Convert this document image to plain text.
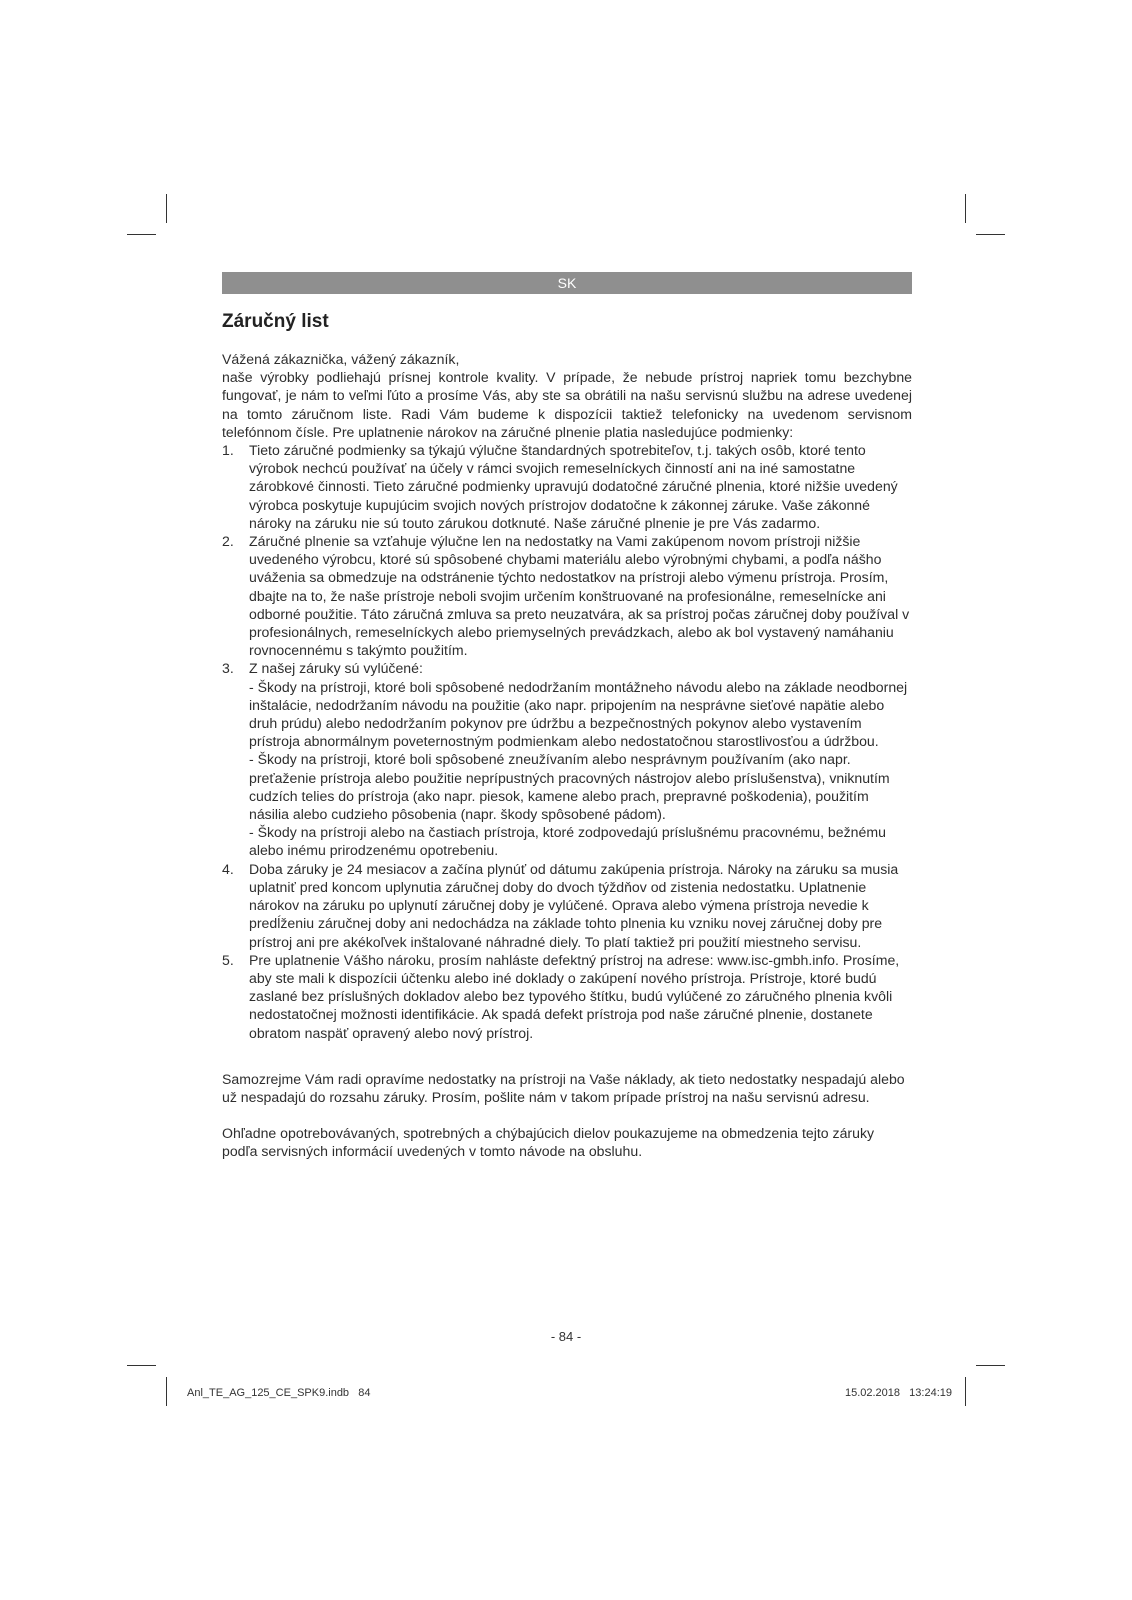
SK
Záručný list

Vážená zákaznička, vážený zákazník,

naše výrobky podliehajú prísnej kontrole kvality. V prípade, že nebude prístroj napriek tomu bezchybne fungovať, je nám to veľmi ľúto a prosíme Vás, aby ste sa obrátili na našu servisnú službu na adrese uvedenej na tomto záručnom liste. Radi Vám budeme k dispozícii taktiež telefonicky na uvedenom servisnom telefónnom čísle. Pre uplatnenie nárokov na záručné plnenie platia nasledujúce podmienky:

1. Tieto záručné podmienky sa týkajú výlučne štandardných spotrebiteľov, t.j. takých osôb, ktoré tento výrobok nechcú používať na účely v rámci svojich remeselníckych činností ani na iné samostatne zárobkové činnosti. Tieto záručné podmienky upravujú dodatočné záručné plnenia, ktoré nižšie uvedený výrobca poskytuje kupujúcim svojich nových prístrojov dodatočne k zákonnej záruke. Vaše zákonné nároky na záruku nie sú touto zárukou dotknuté. Naše záručné plnenie je pre Vás zadarmo.
2. Záručné plnenie sa vzťahuje výlučne len na nedostatky na Vami zakúpenom novom prístroji nižšie uvedeného výrobcu, ktoré sú spôsobené chybami materiálu alebo výrobnými chybami, a podľa nášho uváženia sa obmedzuje na odstránenie týchto nedostatkov na prístroji alebo výmenu prístroja. Prosím, dbajte na to, že naše prístroje neboli svojim určením konštruované na profesionálne, remeselnícke ani odborné použitie. Táto záručná zmluva sa preto neuzatvára, ak sa prístroj počas záručnej doby používal v profesionálnych, remeselníckych alebo priemyselných prevádzkach, alebo ak bol vystavený namáhaniu rovnocennému s takýmto použitím.
3. Z našej záruky sú vylúčené:
- Škody na prístroji, ktoré boli spôsobené nedodržaním montážneho návodu alebo na základe neodbornej inštalácie, nedodržaním návodu na použitie (ako napr. pripojením na nesprávne sieťové napätie alebo druh prúdu) alebo nedodržaním pokynov pre údržbu a bezpečnostných pokynov alebo vystavením prístroja abnormálnym poveternostným podmienkam alebo nedostatočnou starostlivosťou a údržbou.
- Škody na prístroji, ktoré boli spôsobené zneužívaním alebo nesprávnym používaním (ako napr. preťaženie prístroja alebo použitie neprípustných pracovných nástrojov alebo príslušenstva), vniknutím cudzích telies do prístroja (ako napr. piesok, kamene alebo prach, prepravné poškodenia), použitím násilia alebo cudzieho pôsobenia (napr. škody spôsobené pádom).
- Škody na prístroji alebo na častiach prístroja, ktoré zodpovedajú príslušnému pracovnému, bežnému alebo inému prirodzenému opotrebeniu.
4. Doba záruky je 24 mesiacov a začína plynúť od dátumu zakúpenia prístroja. Nároky na záruku sa musia uplatniť pred koncom uplynutia záručnej doby do dvoch týždňov od zistenia nedostatku. Uplatnenie nárokov na záruku po uplynutí záručnej doby je vylúčené. Oprava alebo výmena prístroja nevedie k predĺženiu záručnej doby ani nedochádza na základe tohto plnenia ku vzniku novej záručnej doby pre prístroj ani pre akékoľvek inštalované náhradné diely. To platí taktiež pri použití miestneho servisu.
5. Pre uplatnenie Vášho nároku, prosím nahláste defektný prístroj na adrese: www.isc-gmbh.info. Prosíme, aby ste mali k dispozícii účtenku alebo iné doklady o zakúpení nového prístroja. Prístroje, ktoré budú zaslané bez príslušných dokladov alebo bez typového štítku, budú vylúčené zo záručného plnenia kvôli nedostatočnej možnosti identifikácie. Ak spadá defekt prístroja pod naše záručné plnenie, dostanete obratom naspäť opravený alebo nový prístroj.

Samozrejme Vám radi opravíme nedostatky na prístroji na Vaše náklady, ak tieto nedostatky nespadajú alebo už nespadajú do rozsahu záruky. Prosím, pošlite nám v takom prípade prístroj na našu servisnú adresu.

Ohľadne opotrebovávaných, spotrebných a chýbajúcich dielov poukazujeme na obmedzenia tejto záruky podľa servisných informácií uvedených v tomto návode na obsluhu.

- 84 -
Anl_TE_AG_125_CE_SPK9.indb   84	15.02.2018   13:24:19
